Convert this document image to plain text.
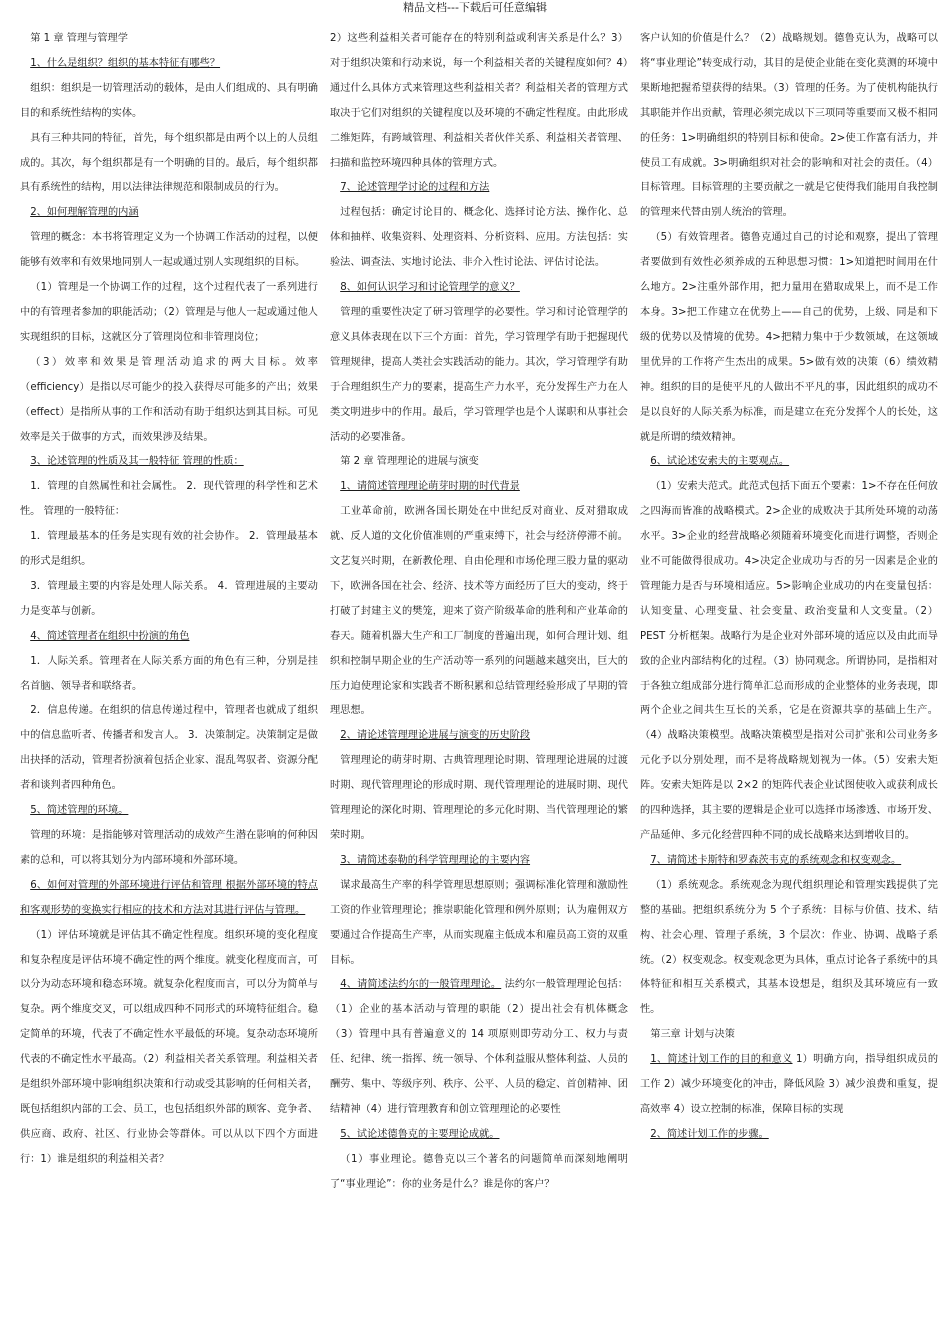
精品文档---下载后可任意编辑

第 1 章 管理与管理学

1、什么是组织？组织的基本特征有哪些？

组织：组织是一切管理活动的载体，是由人们组成的、具有明确目的和系统性结构的实体。

具有三种共同的特征，首先，每个组织都是由两个以上的人员组成的。其次，每个组织都是有一个明确的目的。最后，每个组织都具有系统性的结构，用以法律法律规范和限制成员的行为。

2、如何理解管理的内涵

管理的概念：本书将管理定义为一个协调工作活动的过程，以便能够有效率和有效果地同别人一起或通过别人实现组织的目标。

（1）管理是一个协调工作的过程，这个过程代表了一系列进行中的有管理者参加的职能活动；（2）管理是与他人一起或通过他人实现组织的目标，这就区分了管理岗位和非管理岗位；

（3）效率和效果是管理活动追求的两大目标。效率（efficiency）是指以尽可能少的投入获得尽可能多的产出；效果（effect）是指所从事的工作和活动有助于组织达到其目标。可见效率是关于做事的方式，而效果涉及结果。

3、论述管理的性质及其一般特征 管理的性质：

1．管理的自然属性和社会属性。 2．现代管理的科学性和艺术性。 管理的一般特征：

1．管理最基本的任务是实现有效的社会协作。 2．管理最基本的形式是组织。

3．管理最主要的内容是处理人际关系。 4．管理进展的主要动力是变革与创新。

4、简述管理者在组织中扮演的角色

1．人际关系。管理者在人际关系方面的角色有三种，分别是挂名首脑、领导者和联络者。

2．信息传递。在组织的信息传递过程中，管理者也就成了组织中的信息监听者、传播者和发言人。 3．决策制定。决策制定是做出抉择的活动，管理者扮演着包括企业家、混乱驾驭者、资源分配者和谈判者四种角色。

5、简述管理的环境。

管理的环境：是指能够对管理活动的成效产生潜在影响的何种因素的总和，可以将其划分为内部环境和外部环境。

6、如何对管理的外部环境进行评估和管理 根据外部环境的特点和客观形势的变换实行相应的技术和方法对其进行评估与管理。

（1）评估环境就是评估其不确定性程度。组织环境的变化程度和复杂程度是评估环境不确定性的两个维度。就变化程度而言，可以分为动态环境和稳态环境。就复杂化程度而言，可以分为简单与复杂。两个维度交叉，可以组成四种不同形式的环境特征组合。稳定简单的环境，代表了不确定性水平最低的环境。复杂动态环境所代表的不确定性水平最高。（2）利益相关者关系管理。利益相关者是组织外部环境中影响组织决策和行动或受其影响的任何相关者，既包括组织内部的工会、员工，也包括组织外部的顾客、竞争者、供应商、政府、社区、行业协会等群体。可以从以下四个方面进行：1）谁是组织的利益相关者？

2）这些利益相关者可能存在的特别利益或利害关系是什么？3）对于组织决策和行动来说，每一个利益相关者的关键程度如何？4）通过什么具体方式来管理这些利益相关者？利益相关者的管理方式取决于它们对组织的关键程度以及环境的不确定性程度。由此形成二维矩阵，有跨域管理、利益相关者伙伴关系、利益相关者管理、扫描和监控环境四种具体的管理方式。

7、论述管理学讨论的过程和方法

过程包括：确定讨论目的、概念化、选择讨论方法、操作化、总体和抽样、收集资料、处理资料、分析资料、应用。方法包括：实验法、调查法、实地讨论法、非介入性讨论法、评估讨论法。

8、如何认识学习和讨论管理学的意义？

管理的重要性决定了研习管理学的必要性。学习和讨论管理学的意义具体表现在以下三个方面：首先，学习管理学有助于把握现代管理规律，提高人类社会实践活动的能力。其次，学习管理学有助于合理组织生产力的要素，提高生产力水平，充分发挥生产力在人类文明进步中的作用。最后，学习管理学也是个人谋职和从事社会活动的必要准备。

第 2 章 管理理论的进展与演变

1、请简述管理理论萌芽时期的时代背景

工业革命前，欧洲各国长期处在中世纪反对商业、反对猎取成就、反人道的文化价值准则的严重束缚下，社会与经济停滞不前。文艺复兴时期，在新教伦理、自由伦理和市场伦理三股力量的驱动下，欧洲各国在社会、经济、技术等方面经历了巨大的变动，终于打破了封建主义的樊笼，迎来了资产阶级革命的胜利和产业革命的春天。随着机器大生产和工厂制度的普遍出现，如何合理计划、组织和控制早期企业的生产活动等一系列的问题越来越突出，巨大的压力迫使理论家和实践者不断积累和总结管理经验形成了早期的管理思想。

2、请论述管理理论进展与演变的历史阶段

管理理论的萌芽时期、古典管理理论时期、管理理论进展的过渡时期、现代管理理论的形成时期、现代管理理论的进展时期、现代管理理论的深化时期、管理理论的多元化时期、当代管理理论的繁荣时期。

3、请简述泰勒的科学管理理论的主要内容

谋求最高生产率的科学管理思想原则；强调标准化管理和激励性工资的作业管理理论；推崇职能化管理和例外原则；认为雇佣双方要通过合作提高生产率，从而实现雇主低成本和雇员高工资的双重目标。

4、请简述法约尔的一般管理理论。 法约尔一般管理理论包括：（1）企业的基本活动与管理的职能（2）提出社会有机体概念（3）管理中具有普遍意义的 14 项原则即劳动分工、权力与责任、纪律、统一指挥、统一领导、个体利益服从整体利益、人员的酬劳、集中、等级序列、秩序、公平、人员的稳定、首创精神、团结精神（4）进行管理教育和创立管理理论的必要性

5、试论述德鲁克的主要理论成就。

（1）事业理论。德鲁克以三个著名的问题简单而深刻地阐明了“事业理论”：你的业务是什么？谁是你的客户？

客户认知的价值是什么？（2）战略规划。德鲁克认为，战略可以将“事业理论”转变成行动，其目的是使企业能在变化莫测的环境中果断地把握希望获得的结果。（3）管理的任务。为了使机构能执行其职能并作出贡献，管理必须完成以下三项同等重要而又极不相同的任务：1>明确组织的特别目标和使命。2>使工作富有活力，并使员工有成就。3>明确组织对社会的影响和对社会的责任。（4）目标管理。目标管理的主要贡献之一就是它使得我们能用自我控制的管理来代替由别人统治的管理。

（5）有效管理者。德鲁克通过自己的讨论和观察，提出了管理者要做到有效性必须养成的五种思想习惯：1>知道把时间用在什么地方。2>注重外部作用，把力量用在猎取成果上，而不是工作本身。3>把工作建立在优势上——自己的优势，上级、同是和下级的优势以及情境的优势。4>把精力集中于少数领域，在这领域里优异的工作将产生杰出的成果。5>做有效的决策（6）绩效精神。组织的目的是使平凡的人做出不平凡的事，因此组织的成功不是以良好的人际关系为标准，而是建立在充分发挥个人的长处，这就是所谓的绩效精神。

6、试论述安索夫的主要观点。

（1）安索夫范式。此范式包括下面五个要素：1>不存在任何放之四海而皆准的战略模式。2>企业的成败决于其所处环境的动荡水平。3>企业的经营战略必须随着环境变化而进行调整，否则企业不可能做得很成功。4>决定企业成功与否的另一因素是企业的管理能力是否与环境相适应。5>影响企业成功的内在变量包括：认知变量、心理变量、社会变量、政治变量和人文变量。（2）PEST 分析框架。战略行为是企业对外部环境的适应以及由此而导致的企业内部结构化的过程。（3）协同观念。所谓协同，是指相对于各独立组成部分进行简单汇总而形成的企业整体的业务表现，即两个企业之间共生互长的关系，它是在资源共享的基础上生产。（4）战略决策模型。战略决策模型是指对公司扩张和公司业务多元化予以分别处理，而不是将战略规划视为一体。（5）安索夫矩阵。安索夫矩阵是以 2×2 的矩阵代表企业试图使收入或获利成长的四种选择，其主要的逻辑是企业可以选择市场渗透、市场开发、产品延伸、多元化经营四种不同的成长战略来达到增收目的。

7、请简述卡斯特和罗森茨韦克的系统观念和权变观念。

（1）系统观念。系统观念为现代组织理论和管理实践提供了完整的基础。把组织系统分为 5 个子系统：目标与价值、技术、结构、社会心理、管理子系统，3 个层次：作业、协调、战略子系统。（2）权变观念。权变观念更为具体，重点讨论各子系统中的具体特征和相互关系模式，其基本设想是，组织及其环境应有一致性。

第三章 计划与决策

1、简述计划工作的目的和意义 1）明确方向，指导组织成员的工作 2）减少环境变化的冲击，降低风险 3）减少浪费和重复，提高效率 4）设立控制的标准，保障目标的实现

2、简述计划工作的步骤。
